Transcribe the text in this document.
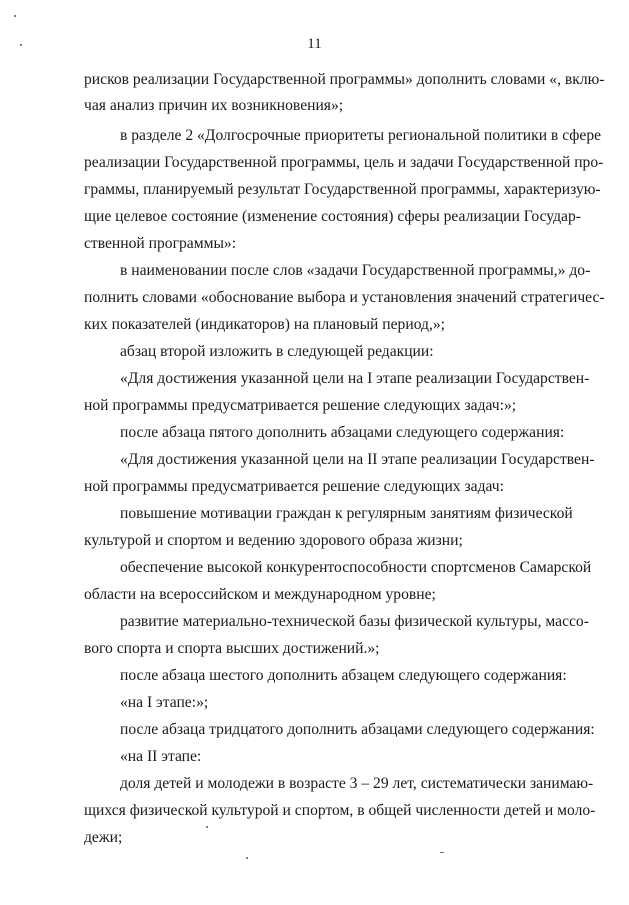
11
рисков реализации Государственной программы» дополнить словами «, вклю-
чая анализ причин их возникновения»;
в разделе 2 «Долгосрочные приоритеты региональной политики в сфере
реализации Государственной программы, цель и задачи Государственной про-
граммы, планируемый результат Государственной программы, характеризую-
щие целевое состояние (изменение состояния) сферы реализации Государ-
ственной программы»:
в наименовании после слов «задачи Государственной программы,» до-
полнить словами «обоснование выбора и установления значений стратегичес-
ких показателей (индикаторов) на плановый период,»;
абзац второй изложить в следующей редакции:
«Для достижения указанной цели на I этапе реализации Государствен-
ной программы предусматривается решение следующих задач:»;
после абзаца пятого дополнить абзацами следующего содержания:
«Для достижения указанной цели на II этапе реализации Государствен-
ной программы предусматривается решение следующих задач:
повышение мотивации граждан к регулярным занятиям физической
культурой и спортом и ведению здорового образа жизни;
обеспечение высокой конкурентоспособности спортсменов Самарской
области на всероссийском и международном уровне;
развитие материально-технической базы физической культуры, массо-
вого спорта и спорта высших достижений.»;
после абзаца шестого дополнить абзацем следующего содержания:
«на I этапе:»;
после абзаца тридцатого дополнить абзацами следующего содержания:
«на II этапе:
доля детей и молодежи в возрасте 3 – 29 лет, систематически занимаю-
щихся физической культурой и спортом, в общей численности детей и моло-
дежи;
